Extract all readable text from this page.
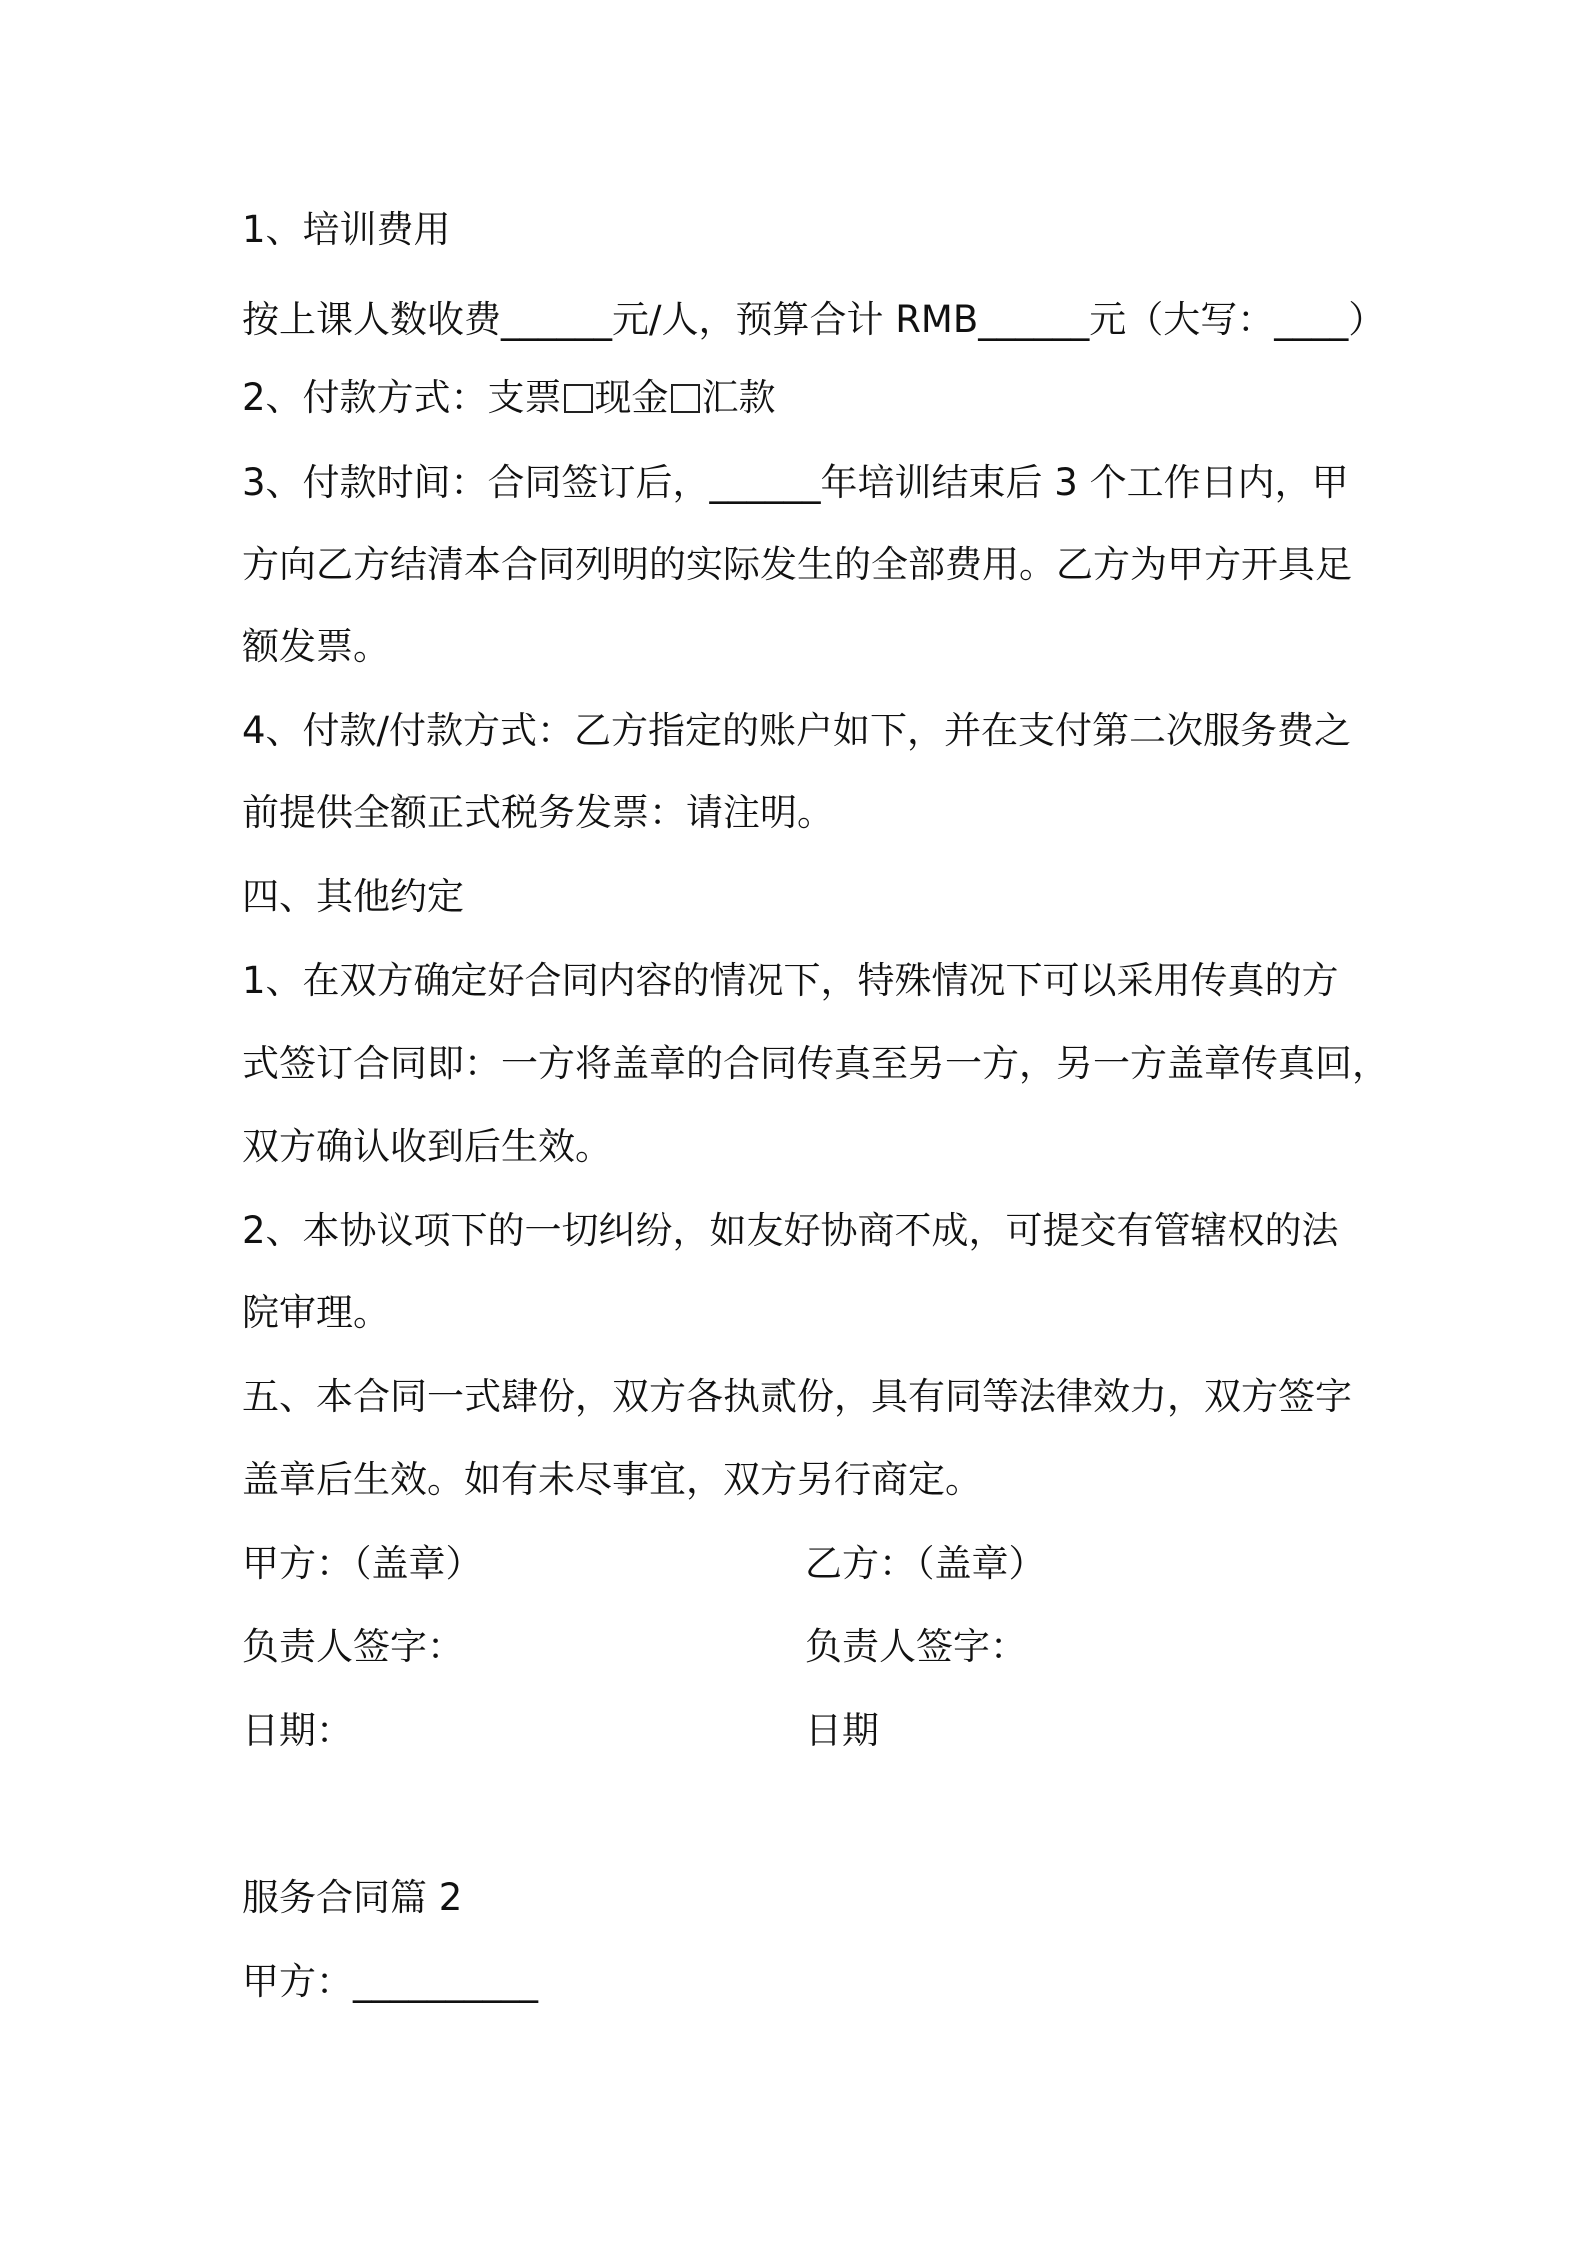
1、培训费用
按上课人数收费______元/人，预算合计 RMB______元（大写：____）
2、付款方式：支票 现金 汇款
3、付款时间：合同签订后，______年培训结束后 3 个工作日内，甲
方向乙方结清本合同列明的实际发生的全部费用。乙方为甲方开具足
额发票。
4、付款/付款方式：乙方指定的账户如下，并在支付第二次服务费之
前提供全额正式税务发票：请注明。
四、其他约定
1、在双方确定好合同内容的情况下，特殊情况下可以采用传真的方
式签订合同即：一方将盖章的合同传真至另一方，另一方盖章传真回，
双方确认收到后生效。
2、本协议项下的一切纠纷，如友好协商不成，可提交有管辖权的法
院审理。
五、本合同一式肆份，双方各执贰份，具有同等法律效力，双方签字
盖章后生效。如有未尽事宜，双方另行商定。
甲方：（盖章）	乙方：（盖章）
负责人签字：	负责人签字：
日期：	日期
服务合同篇 2
甲方：__________
